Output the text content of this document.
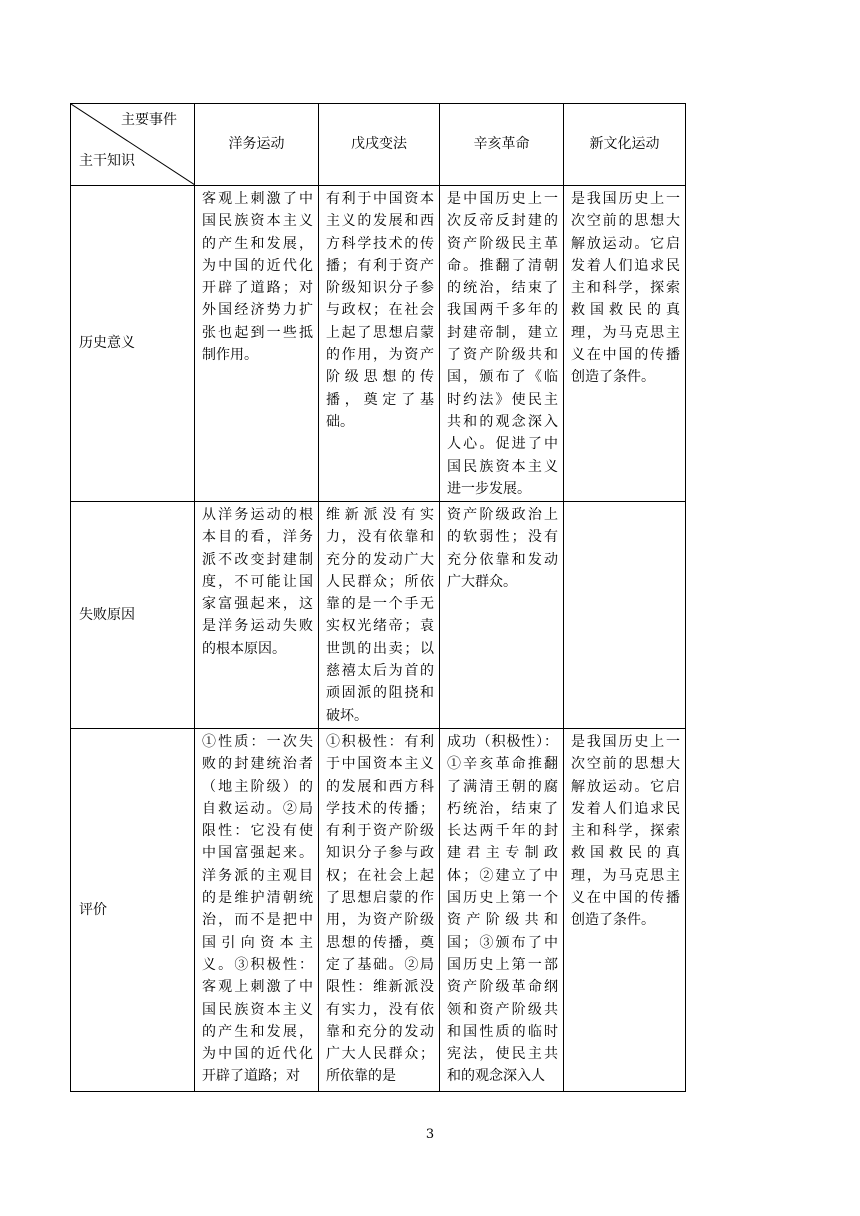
主要事件
主干知识	洋务运动	戊戌变法	辛亥革命	新文化运动
历史意义	客观上刺激了中国民族资本主义的产生和发展，为中国的近代化开辟了道路；对外国经济势力扩张也起到一些抵制作用。	有利于中国资本主义的发展和西方科学技术的传播；有利于资产阶级知识分子参与政权；在社会上起了思想启蒙的作用，为资产阶级思想的传播，奠定了基础。	是中国历史上一次反帝反封建的资产阶级民主革命。推翻了清朝的统治，结束了我国两千多年的封建帝制，建立了资产阶级共和国，颁布了《临时约法》使民主共和的观念深入人心。促进了中国民族资本主义进一步发展。	是我国历史上一次空前的思想大解放运动。它启发着人们追求民主和科学，探索救国救民的真理，为马克思主义在中国的传播创造了条件。
失败原因	从洋务运动的根本目的看，洋务派不改变封建制度，不可能让国家富强起来，这是洋务运动失败的根本原因。	维新派没有实力，没有依靠和充分的发动广大人民群众；所依靠的是一个手无实权光绪帝；袁世凯的出卖；以慈禧太后为首的顽固派的阻挠和破坏。	资产阶级政治上的软弱性；没有充分依靠和发动广大群众。	
评价	①性质：一次失败的封建统治者（地主阶级）的自救运动。②局限性：它没有使中国富强起来。洋务派的主观目的是维护清朝统治，而不是把中国引向资本主义。③积极性：客观上刺激了中国民族资本主义的产生和发展，为中国的近代化开辟了道路；对	①积极性：有利于中国资本主义的发展和西方科学技术的传播；有利于资产阶级知识分子参与政权；在社会上起了思想启蒙的作用，为资产阶级思想的传播，奠定了基础。②局限性：维新派没有实力，没有依靠和充分的发动广大人民群众；所依靠的是	成功（积极性）：①辛亥革命推翻了满清王朝的腐朽统治，结束了长达两千年的封建君主专制政体；②建立了中国历史上第一个资产阶级共和国；③颁布了中国历史上第一部资产阶级革命纲领和资产阶级共和国性质的临时宪法，使民主共和的观念深入人	是我国历史上一次空前的思想大解放运动。它启发着人们追求民主和科学，探索救国救民的真理，为马克思主义在中国的传播创造了条件。
3
